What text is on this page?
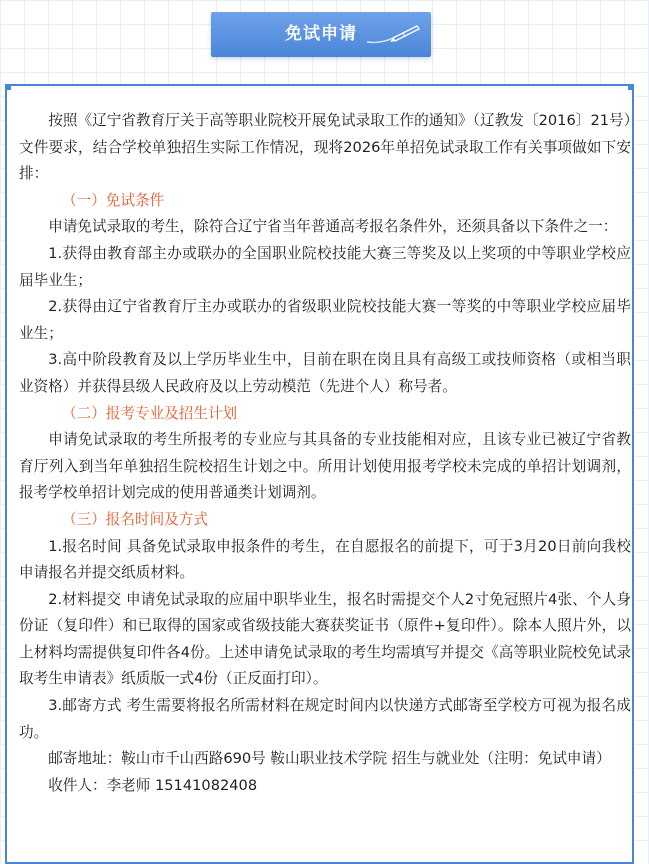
免试申请

按照《辽宁省教育厅关于高等职业院校开展免试录取工作的通知》（辽教发〔2016〕21号）文件要求，结合学校单独招生实际工作情况，现将2026年单招免试录取工作有关事项做如下安排：

（一）免试条件

申请免试录取的考生，除符合辽宁省当年普通高考报名条件外，还须具备以下条件之一：

1.获得由教育部主办或联办的全国职业院校技能大赛三等奖及以上奖项的中等职业学校应届毕业生；

2.获得由辽宁省教育厅主办或联办的省级职业院校技能大赛一等奖的中等职业学校应届毕业生；

3.高中阶段教育及以上学历毕业生中，目前在职在岗且具有高级工或技师资格（或相当职业资格）并获得县级人民政府及以上劳动模范（先进个人）称号者。

（二）报考专业及招生计划

申请免试录取的考生所报考的专业应与其具备的专业技能相对应，且该专业已被辽宁省教育厅列入到当年单独招生院校招生计划之中。所用计划使用报考学校未完成的单招计划调剂，报考学校单招计划完成的使用普通类计划调剂。

（三）报名时间及方式

1.报名时间 具备免试录取申报条件的考生，在自愿报名的前提下，可于3月20日前向我校申请报名并提交纸质材料。

2.材料提交 申请免试录取的应届中职毕业生，报名时需提交个人2寸免冠照片4张、个人身份证（复印件）和已取得的国家或省级技能大赛获奖证书（原件+复印件）。除本人照片外，以上材料均需提供复印件各4份。上述申请免试录取的考生均需填写并提交《高等职业院校免试录取考生申请表》纸质版一式4份（正反面打印）。

3.邮寄方式 考生需要将报名所需材料在规定时间内以快递方式邮寄至学校方可视为报名成功。

邮寄地址：鞍山市千山西路690号 鞍山职业技术学院 招生与就业处（注明：免试申请）

收件人：李老师 15141082408
